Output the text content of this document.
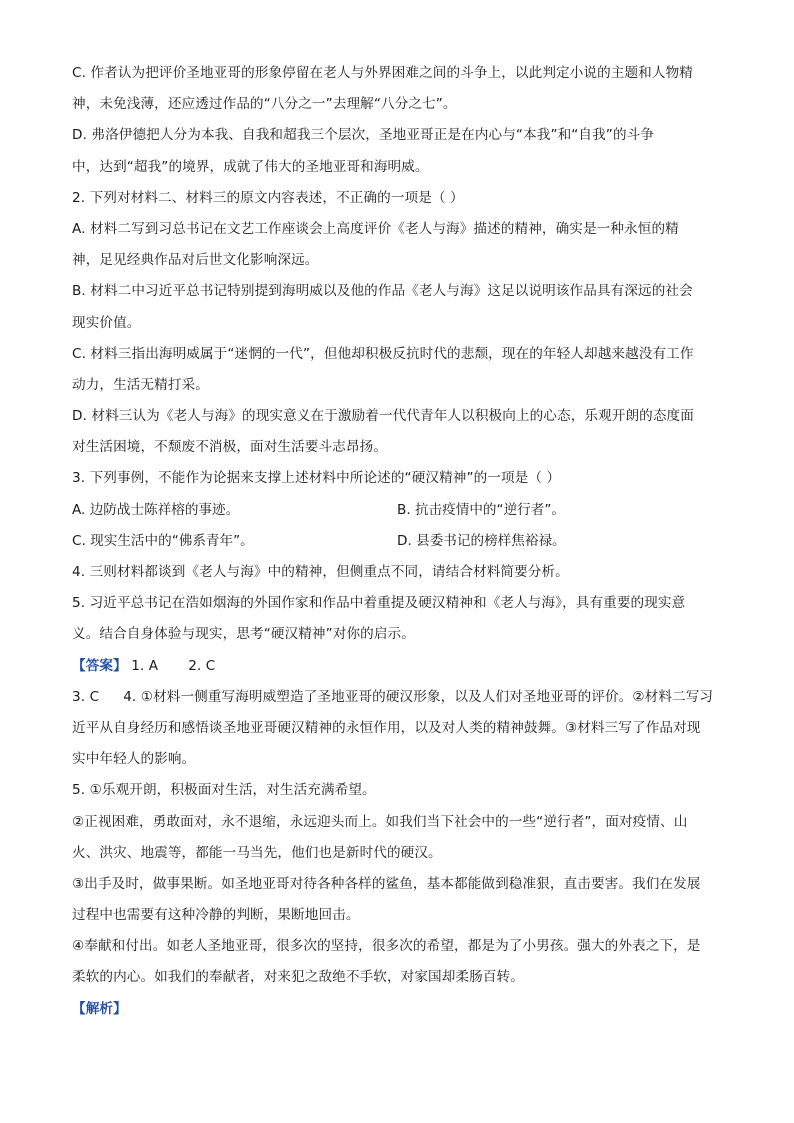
C. 作者认为把评价圣地亚哥的形象停留在老人与外界困难之间的斗争上，以此判定小说的主题和人物精
神，未免浅薄，还应透过作品的“八分之一”去理解“八分之七”。
D. 弗洛伊德把人分为本我、自我和超我三个层次，圣地亚哥正是在内心与“本我”和“自我”的斗争
中，达到“超我”的境界，成就了伟大的圣地亚哥和海明威。
2. 下列对材料二、材料三的原文内容表述，不正确的一项是（ ）
A. 材料二写到习总书记在文艺工作座谈会上高度评价《老人与海》描述的精神，确实是一种永恒的精
神，足见经典作品对后世文化影响深远。
B. 材料二中习近平总书记特别提到海明威以及他的作品《老人与海》这足以说明该作品具有深远的社会
现实价值。
C. 材料三指出海明威属于“迷惘的一代”，但他却积极反抗时代的悲颓，现在的年轻人却越来越没有工作
动力，生活无精打采。
D. 材料三认为《老人与海》的现实意义在于激励着一代代青年人以积极向上的心态，乐观开朗的态度面
对生活困境，不颓废不消极，面对生活要斗志昂扬。
3. 下列事例，不能作为论据来支撑上述材料中所论述的“硬汉精神”的一项是（ ）
A. 边防战士陈祥榕的事迹。	B. 抗击疫情中的“逆行者”。
C. 现实生活中的“佛系青年”。	D. 县委书记的榜样焦裕禄。
4. 三则材料都谈到《老人与海》中的精神，但侧重点不同，请结合材料简要分析。
5. 习近平总书记在浩如烟海的外国作家和作品中着重提及硬汉精神和《老人与海》，具有重要的现实意
义。结合自身体验与现实，思考“硬汉精神”对你的启示。
【答案】 1. A 2. C
3. C 4. ①材料一侧重写海明威塑造了圣地亚哥的硬汉形象，以及人们对圣地亚哥的评价。②材料二写习
近平从自身经历和感悟谈圣地亚哥硬汉精神的永恒作用，以及对人类的精神鼓舞。③材料三写了作品对现
实中年轻人的影响。
5. ①乐观开朗，积极面对生活，对生活充满希望。
②正视困难，勇敢面对，永不退缩，永远迎头而上。如我们当下社会中的一些“逆行者”，面对疫情、山
火、洪灾、地震等，都能一马当先，他们也是新时代的硬汉。
③出手及时，做事果断。如圣地亚哥对待各种各样的鲨鱼，基本都能做到稳准狠，直击要害。我们在发展
过程中也需要有这种冷静的判断，果断地回击。
④奉献和付出。如老人圣地亚哥，很多次的坚持，很多次的希望，都是为了小男孩。强大的外表之下，是
柔软的内心。如我们的奉献者，对来犯之敌绝不手软，对家国却柔肠百转。
【解析】
